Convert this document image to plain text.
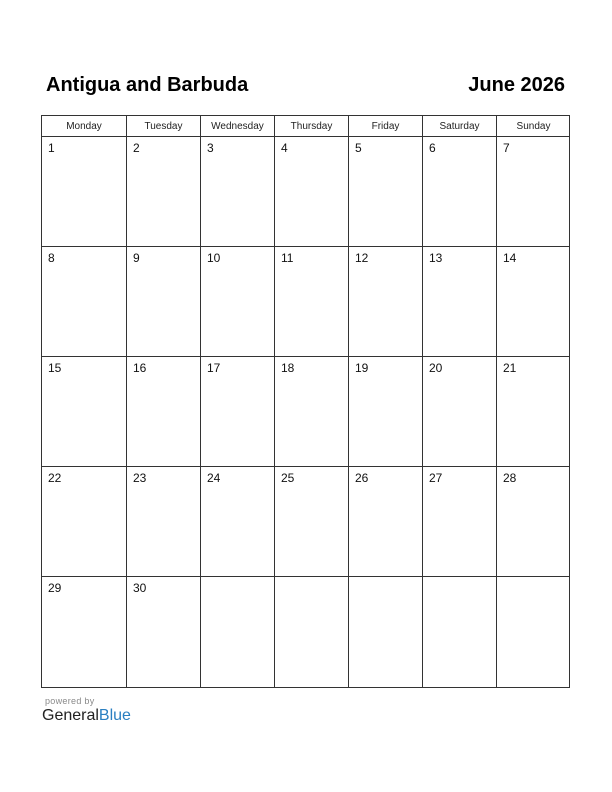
Antigua and Barbuda	June 2026
Monday	Tuesday	Wednesday	Thursday	Friday	Saturday	Sunday
1	2	3	4	5	6	7
8	9	10	11	12	13	14
15	16	17	18	19	20	21
22	23	24	25	26	27	28
29	30
powered by
GeneralBlue
